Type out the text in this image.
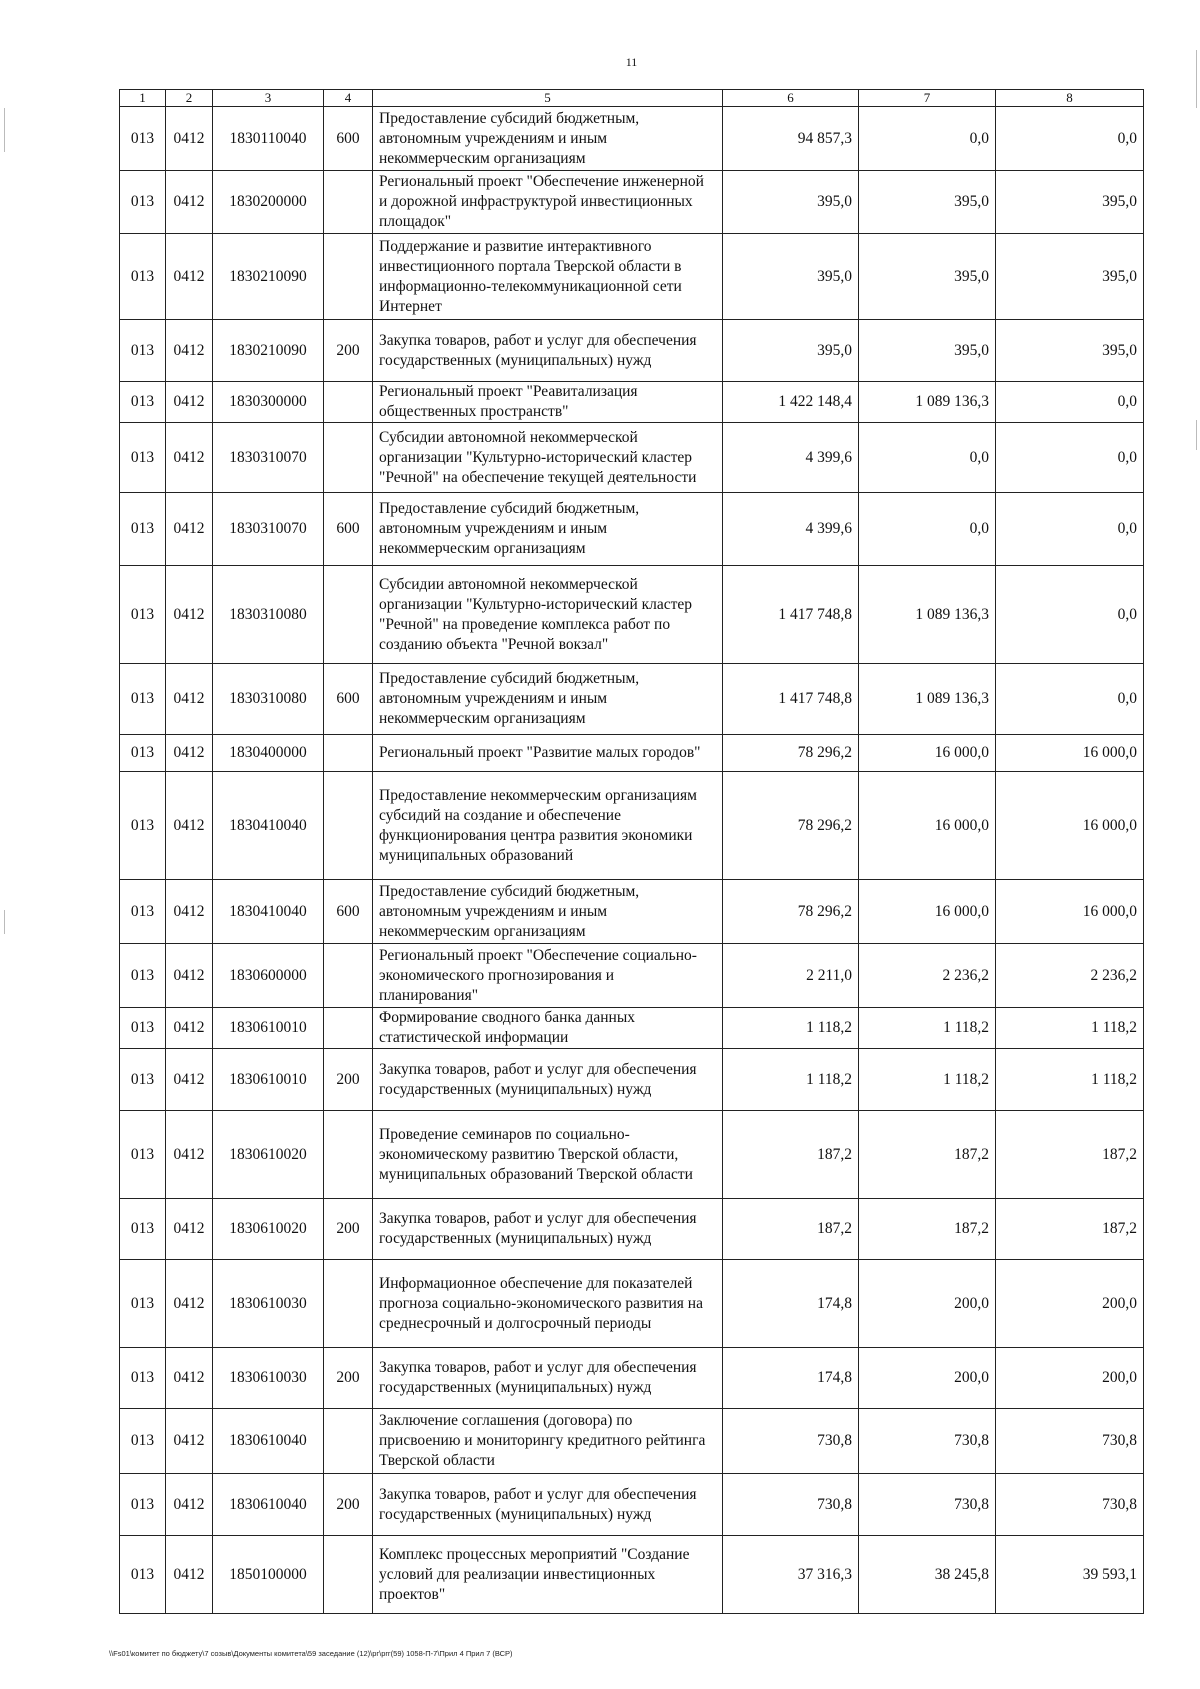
11
1	2	3	4	5	6	7	8
013	0412	1830110040	600	Предоставление субсидий бюджетным, автономным учреждениям и иным некоммерческим организациям	94 857,3	0,0	0,0
013	0412	1830200000		Региональный проект "Обеспечение инженерной и дорожной инфраструктурой инвестиционных площадок"	395,0	395,0	395,0
013	0412	1830210090		Поддержание и развитие интерактивного инвестиционного портала Тверской области в информационно-телекоммуникационной сети Интернет	395,0	395,0	395,0
013	0412	1830210090	200	Закупка товаров, работ и услуг для обеспечения государственных (муниципальных) нужд	395,0	395,0	395,0
013	0412	1830300000		Региональный проект "Реавитализация общественных пространств"	1 422 148,4	1 089 136,3	0,0
013	0412	1830310070		Субсидии автономной некоммерческой организации "Культурно-исторический кластер "Речной" на обеспечение текущей деятельности	4 399,6	0,0	0,0
013	0412	1830310070	600	Предоставление субсидий бюджетным, автономным учреждениям и иным некоммерческим организациям	4 399,6	0,0	0,0
013	0412	1830310080		Субсидии автономной некоммерческой организации "Культурно-исторический кластер "Речной" на проведение комплекса работ по созданию объекта "Речной вокзал"	1 417 748,8	1 089 136,3	0,0
013	0412	1830310080	600	Предоставление субсидий бюджетным, автономным учреждениям и иным некоммерческим организациям	1 417 748,8	1 089 136,3	0,0
013	0412	1830400000		Региональный проект "Развитие малых городов"	78 296,2	16 000,0	16 000,0
013	0412	1830410040		Предоставление некоммерческим организациям субсидий на создание и обеспечение функционирования центра развития экономики муниципальных образований	78 296,2	16 000,0	16 000,0
013	0412	1830410040	600	Предоставление субсидий бюджетным, автономным учреждениям и иным некоммерческим организациям	78 296,2	16 000,0	16 000,0
013	0412	1830600000		Региональный проект "Обеспечение социально-экономического прогнозирования и планирования"	2 211,0	2 236,2	2 236,2
013	0412	1830610010		Формирование сводного банка данных статистической информации	1 118,2	1 118,2	1 118,2
013	0412	1830610010	200	Закупка товаров, работ и услуг для обеспечения государственных (муниципальных) нужд	1 118,2	1 118,2	1 118,2
013	0412	1830610020		Проведение семинаров по социально-экономическому развитию Тверской области, муниципальных образований Тверской области	187,2	187,2	187,2
013	0412	1830610020	200	Закупка товаров, работ и услуг для обеспечения государственных (муниципальных) нужд	187,2	187,2	187,2
013	0412	1830610030		Информационное обеспечение для показателей прогноза социально-экономического развития на среднесрочный и долгосрочный периоды	174,8	200,0	200,0
013	0412	1830610030	200	Закупка товаров, работ и услуг для обеспечения государственных (муниципальных) нужд	174,8	200,0	200,0
013	0412	1830610040		Заключение соглашения (договора) по присвоению и мониторингу кредитного рейтинга Тверской области	730,8	730,8	730,8
013	0412	1830610040	200	Закупка товаров, работ и услуг для обеспечения государственных (муниципальных) нужд	730,8	730,8	730,8
013	0412	1850100000		Комплекс процессных мероприятий "Создание условий для реализации инвестиционных проектов"	37 316,3	38 245,8	39 593,1
\\Fs01\комитет по бюджету\7 созыв\Документы комитета\59 заседание (12)\рг\prг(59) 1058-П-7\Прил 4 Прил 7 (ВСР)
